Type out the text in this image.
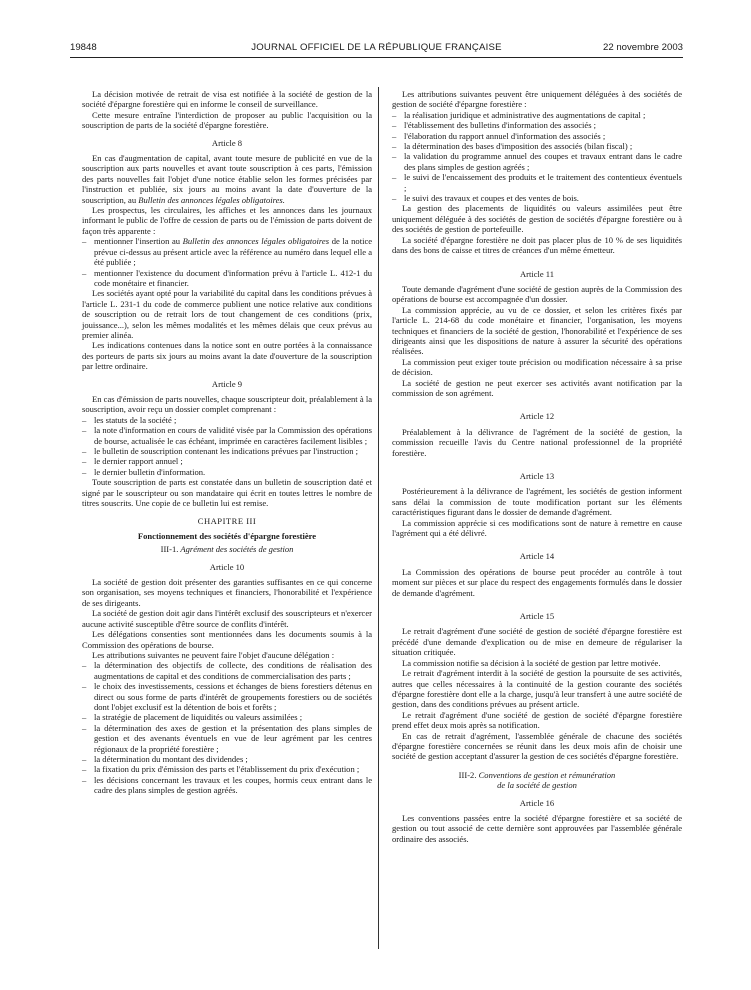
19848	JOURNAL OFFICIEL DE LA RÉPUBLIQUE FRANÇAISE	22 novembre 2003

La décision motivée de retrait de visa est notifiée à la société de gestion de la société d'épargne forestière qui en informe le conseil de surveillance.

Cette mesure entraîne l'interdiction de proposer au public l'acquisition ou la souscription de parts de la société d'épargne forestière.

Article 8

En cas d'augmentation de capital, avant toute mesure de publicité en vue de la souscription aux parts nouvelles et avant toute souscription à ces parts, l'émission des parts nouvelles fait l'objet d'une notice établie selon les formes précisées par l'instruction et publiée, six jours au moins avant la date d'ouverture de la souscription, au Bulletin des annonces légales obligatoires.

Les prospectus, les circulaires, les affiches et les annonces dans les journaux informant le public de l'offre de cession de parts ou de l'émission de parts doivent de façon très apparente :

– mentionner l'insertion au Bulletin des annonces légales obligatoires de la notice prévue ci-dessus au présent article avec la référence au numéro dans lequel elle a été publiée ;
– mentionner l'existence du document d'information prévu à l'article L. 412-1 du code monétaire et financier.

Les sociétés ayant opté pour la variabilité du capital dans les conditions prévues à l'article L. 231-1 du code de commerce publient une notice relative aux conditions de souscription ou de retrait lors de tout changement de ces conditions (prix, jouissance...), selon les mêmes modalités et les mêmes délais que ceux prévus au premier alinéa.

Les indications contenues dans la notice sont en outre portées à la connaissance des porteurs de parts six jours au moins avant la date d'ouverture de la souscription par lettre ordinaire.

Article 9

En cas d'émission de parts nouvelles, chaque souscripteur doit, préalablement à la souscription, avoir reçu un dossier complet comprenant :

– les statuts de la société ;
– la note d'information en cours de validité visée par la Commission des opérations de bourse, actualisée le cas échéant, imprimée en caractères facilement lisibles ;
– le bulletin de souscription contenant les indications prévues par l'instruction ;
– le dernier rapport annuel ;
– le dernier bulletin d'information.

Toute souscription de parts est constatée dans un bulletin de souscription daté et signé par le souscripteur ou son mandataire qui écrit en toutes lettres le nombre de titres souscrits. Une copie de ce bulletin lui est remise.

CHAPITRE III

Fonctionnement des sociétés d'épargne forestière

III-1. Agrément des sociétés de gestion

Article 10

La société de gestion doit présenter des garanties suffisantes en ce qui concerne son organisation, ses moyens techniques et financiers, l'honorabilité et l'expérience de ses dirigeants.

La société de gestion doit agir dans l'intérêt exclusif des souscripteurs et n'exercer aucune activité susceptible d'être source de conflits d'intérêt.

Les délégations consenties sont mentionnées dans les documents soumis à la Commission des opérations de bourse.

Les attributions suivantes ne peuvent faire l'objet d'aucune délégation :

– la détermination des objectifs de collecte, des conditions de réalisation des augmentations de capital et des conditions de commercialisation des parts ;
– le choix des investissements, cessions et échanges de biens forestiers détenus en direct ou sous forme de parts d'intérêt de groupements forestiers ou de sociétés dont l'objet exclusif est la détention de bois et forêts ;
– la stratégie de placement de liquidités ou valeurs assimilées ;
– la détermination des axes de gestion et la présentation des plans simples de gestion et des avenants éventuels en vue de leur agrément par les centres régionaux de la propriété forestière ;
– la détermination du montant des dividendes ;
– la fixation du prix d'émission des parts et l'établissement du prix d'exécution ;
– les décisions concernant les travaux et les coupes, hormis ceux entrant dans le cadre des plans simples de gestion agréés.

Les attributions suivantes peuvent être uniquement déléguées à des sociétés de gestion de société d'épargne forestière :

– la réalisation juridique et administrative des augmentations de capital ;
– l'établissement des bulletins d'information des associés ;
– l'élaboration du rapport annuel d'information des associés ;
– la détermination des bases d'imposition des associés (bilan fiscal) ;
– la validation du programme annuel des coupes et travaux entrant dans le cadre des plans simples de gestion agréés ;
– le suivi de l'encaissement des produits et le traitement des contentieux éventuels ;
– le suivi des travaux et coupes et des ventes de bois.

La gestion des placements de liquidités ou valeurs assimilées peut être uniquement déléguée à des sociétés de gestion de sociétés d'épargne forestière ou à des sociétés de gestion de portefeuille.

La société d'épargne forestière ne doit pas placer plus de 10 % de ses liquidités dans des bons de caisse et titres de créances d'un même émetteur.

Article 11

Toute demande d'agrément d'une société de gestion auprès de la Commission des opérations de bourse est accompagnée d'un dossier.

La commission apprécie, au vu de ce dossier, et selon les critères fixés par l'article L. 214-68 du code monétaire et financier, l'organisation, les moyens techniques et financiers de la société de gestion, l'honorabilité et l'expérience de ses dirigeants ainsi que les dispositions de nature à assurer la sécurité des opérations réalisées.

La commission peut exiger toute précision ou modification nécessaire à sa prise de décision.

La société de gestion ne peut exercer ses activités avant notification par la commission de son agrément.

Article 12

Préalablement à la délivrance de l'agrément de la société de gestion, la commission recueille l'avis du Centre national professionnel de la propriété forestière.

Article 13

Postérieurement à la délivrance de l'agrément, les sociétés de gestion informent sans délai la commission de toute modification portant sur les éléments caractéristiques figurant dans le dossier de demande d'agrément.

La commission apprécie si ces modifications sont de nature à remettre en cause l'agrément qui a été délivré.

Article 14

La Commission des opérations de bourse peut procéder au contrôle à tout moment sur pièces et sur place du respect des engagements formulés dans le dossier de demande d'agrément.

Article 15

Le retrait d'agrément d'une société de gestion de société d'épargne forestière est précédé d'une demande d'explication ou de mise en demeure de régulariser la situation critiquée.

La commission notifie sa décision à la société de gestion par lettre motivée.

Le retrait d'agrément interdit à la société de gestion la poursuite de ses activités, autres que celles nécessaires à la continuité de la gestion courante des sociétés d'épargne forestière dont elle a la charge, jusqu'à leur transfert à une autre société de gestion, dans des conditions prévues au présent article.

Le retrait d'agrément d'une société de gestion de société d'épargne forestière prend effet deux mois après sa notification.

En cas de retrait d'agrément, l'assemblée générale de chacune des sociétés d'épargne forestière concernées se réunit dans les deux mois afin de choisir une société de gestion acceptant d'assurer la gestion de ces sociétés d'épargne forestière.

III-2. Conventions de gestion et rémunération
de la société de gestion

Article 16

Les conventions passées entre la société d'épargne forestière et sa société de gestion ou tout associé de cette dernière sont approuvées par l'assemblée générale ordinaire des associés.
